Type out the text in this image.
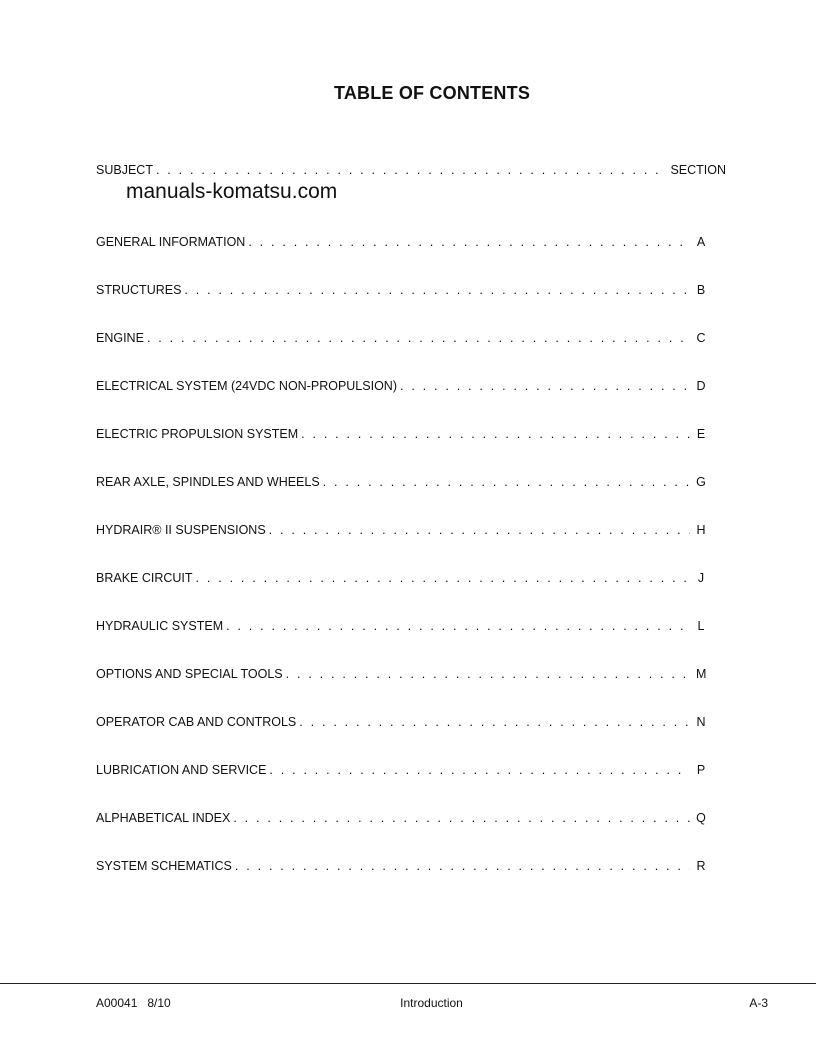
TABLE OF CONTENTS
SUBJECT . . .	SECTION
manuals-komatsu.com
GENERAL INFORMATION . . .	A
STRUCTURES . . .	B
ENGINE . . .	C
ELECTRICAL SYSTEM (24VDC NON-PROPULSION) . . .	D
ELECTRIC PROPULSION SYSTEM . . .	E
REAR AXLE, SPINDLES AND WHEELS . . .	G
HYDRAIR® II SUSPENSIONS . . .	H
BRAKE CIRCUIT . . .	J
HYDRAULIC SYSTEM . . .	L
OPTIONS AND SPECIAL TOOLS . . .	M
OPERATOR CAB AND CONTROLS . . .	N
LUBRICATION AND SERVICE . . .	P
ALPHABETICAL INDEX . . .	Q
SYSTEM SCHEMATICS . . .	R
A00041   8/10	Introduction	A-3
